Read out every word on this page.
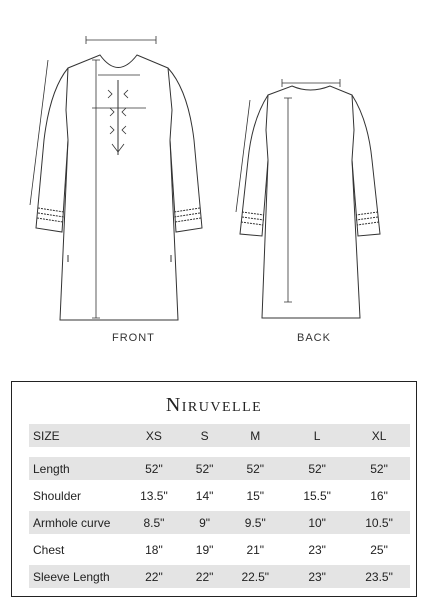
FRONT	BACK
Niruvelle
SIZE	XS	S	M	L	XL

Length	52"	52"	52"	52"	52"

Shoulder	13.5"	14"	15"	15.5"	16"

Armhole curve	8.5"	9"	9.5"	10"	10.5"

Chest	18"	19"	21"	23"	25"

Sleeve Length	22"	22"	22.5"	23"	23.5"
